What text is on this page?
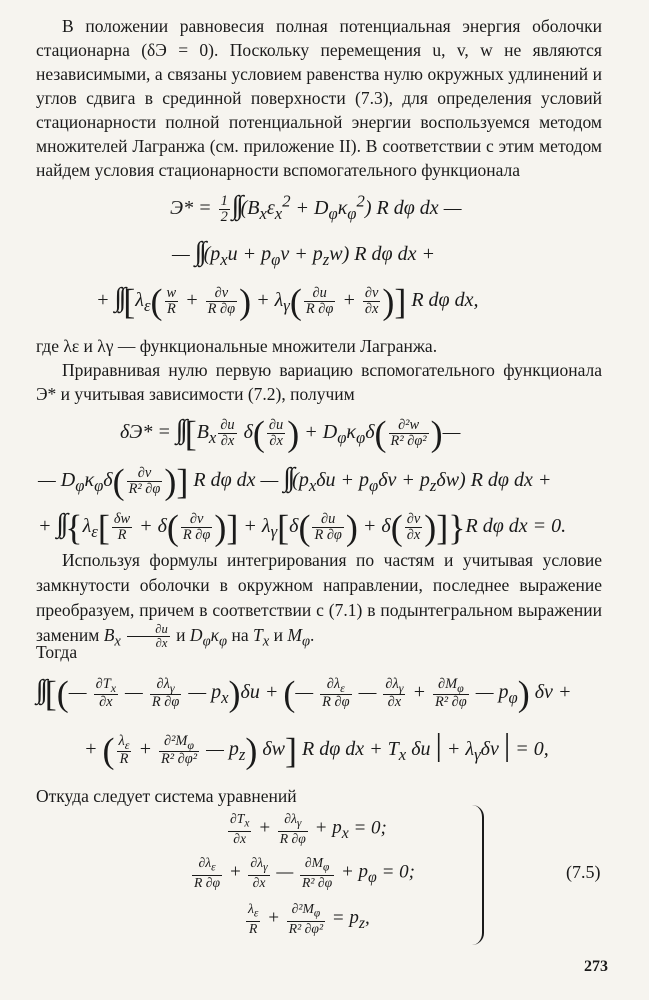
В положении равновесия полная потенциальная энергия оболочки стационарна (δЭ = 0). Поскольку перемещения u, v, w не являются независимыми, а связаны условием равенства нулю окружных удлинений и углов сдвига в срединной поверхности (7.3), для определения условий стационарности полной потенциальной энергии воспользуемся методом множителей Лагранжа (см. приложение II). В соответствии с этим методом найдем условия стационарности вспомогательного функционала

$Э* = \frac{1}{2} \int\int(B_x\varepsilon_x^2 + D_\varphi\kappa_\varphi^2)$ R dφ dx —
— $\int\int(p_xu + p_\varphi v + p_zw)$ R dφ dx +
+ $\int\int[\lambda_\varepsilon( \frac{w}{R} + \frac{\partial v}{R \partial\varphi}$ ) + $\lambda_\gamma( \frac{\partial u}{R \partial\varphi} + \frac{\partial v}{\partial x}$ )] R dφ dx,

где λε и λγ — функциональные множители Лагранжа.

Приравнивая нулю первую вариацию вспомогательного функционала Э* и учитывая зависимости (7.2), получим

$\delta Э* = \int\int[B_x \frac{\partial u}{\partial x} \delta( \frac{\partial u}{\partial x}$ ) + $D_\varphi\kappa_\varphi\delta( \frac{\text{∂²w}}{\text{R² ∂φ²}}$ )—
— $D_\varphi\kappa_\varphi\delta( \frac{\partial v}{\text{R² ∂φ}}$ )] R dφ dx — $\int\int(p_x\delta u + p_\varphi\delta v + p_z\delta w)$ R dφ dx +
+ $\int\int\{\lambda_\varepsilon[ \frac{\delta w}{R} + \delta( \frac{\partial v}{R \partial\varphi}$ )] + $\lambda_\gamma[\delta( \frac{\partial u}{R \partial\varphi}$ ) + $\delta( \frac{\partial v}{\partial x} )]\}R$ dφ dx = 0.

Используя формулы интегрирования по частям и учитывая условие замкнутости оболочки в окружном направлении, последнее выражение преобразуем, причем в соответствии с (7.1) в подынтегральном выражении заменим $B_x \frac{\partial u}{\partial x}$ и $D_\varphi\kappa_\varphi$ на $T_x$ и $M_\varphi$.

Тогда

∫∫[(— $\frac{\partial T_x}{\partial x}$ — $\frac{\partial\lambda_\gamma}{R \partial\varphi}$ — $p_x)\delta u$ + (— $\frac{\partial\lambda_\varepsilon}{R \partial\varphi}$ — $\frac{\partial\lambda_\gamma}{\partial x} + \frac{\partial M_\varphi}{\text{R² ∂φ}}$ — $p_\varphi$) δv +
+ ( $\frac{\lambda_\varepsilon}{R} + \frac{\partial^2M_\varphi}{\text{R² ∂φ²}}$ — $p_z$) δw] R dφ dx + $T_x$ δu | + $\lambda_\gamma\delta v$ | = 0,

Откуда следует система уравнений

$\frac{\partial T_x}{\partial x} + \frac{\partial\lambda_\gamma}{R \partial\varphi} + p_x = 0$;
$\frac{\partial\lambda_\varepsilon}{R \partial\varphi} + \frac{\partial\lambda_\gamma}{\partial x}$ — $\frac{\partial M_\varphi}{\text{R² ∂φ}} + p_\varphi = 0$;
$\frac{\lambda_\varepsilon}{R} + \frac{\partial^2M_\varphi}{\text{R² ∂φ²}} = p_z$,
(7.5)
273
